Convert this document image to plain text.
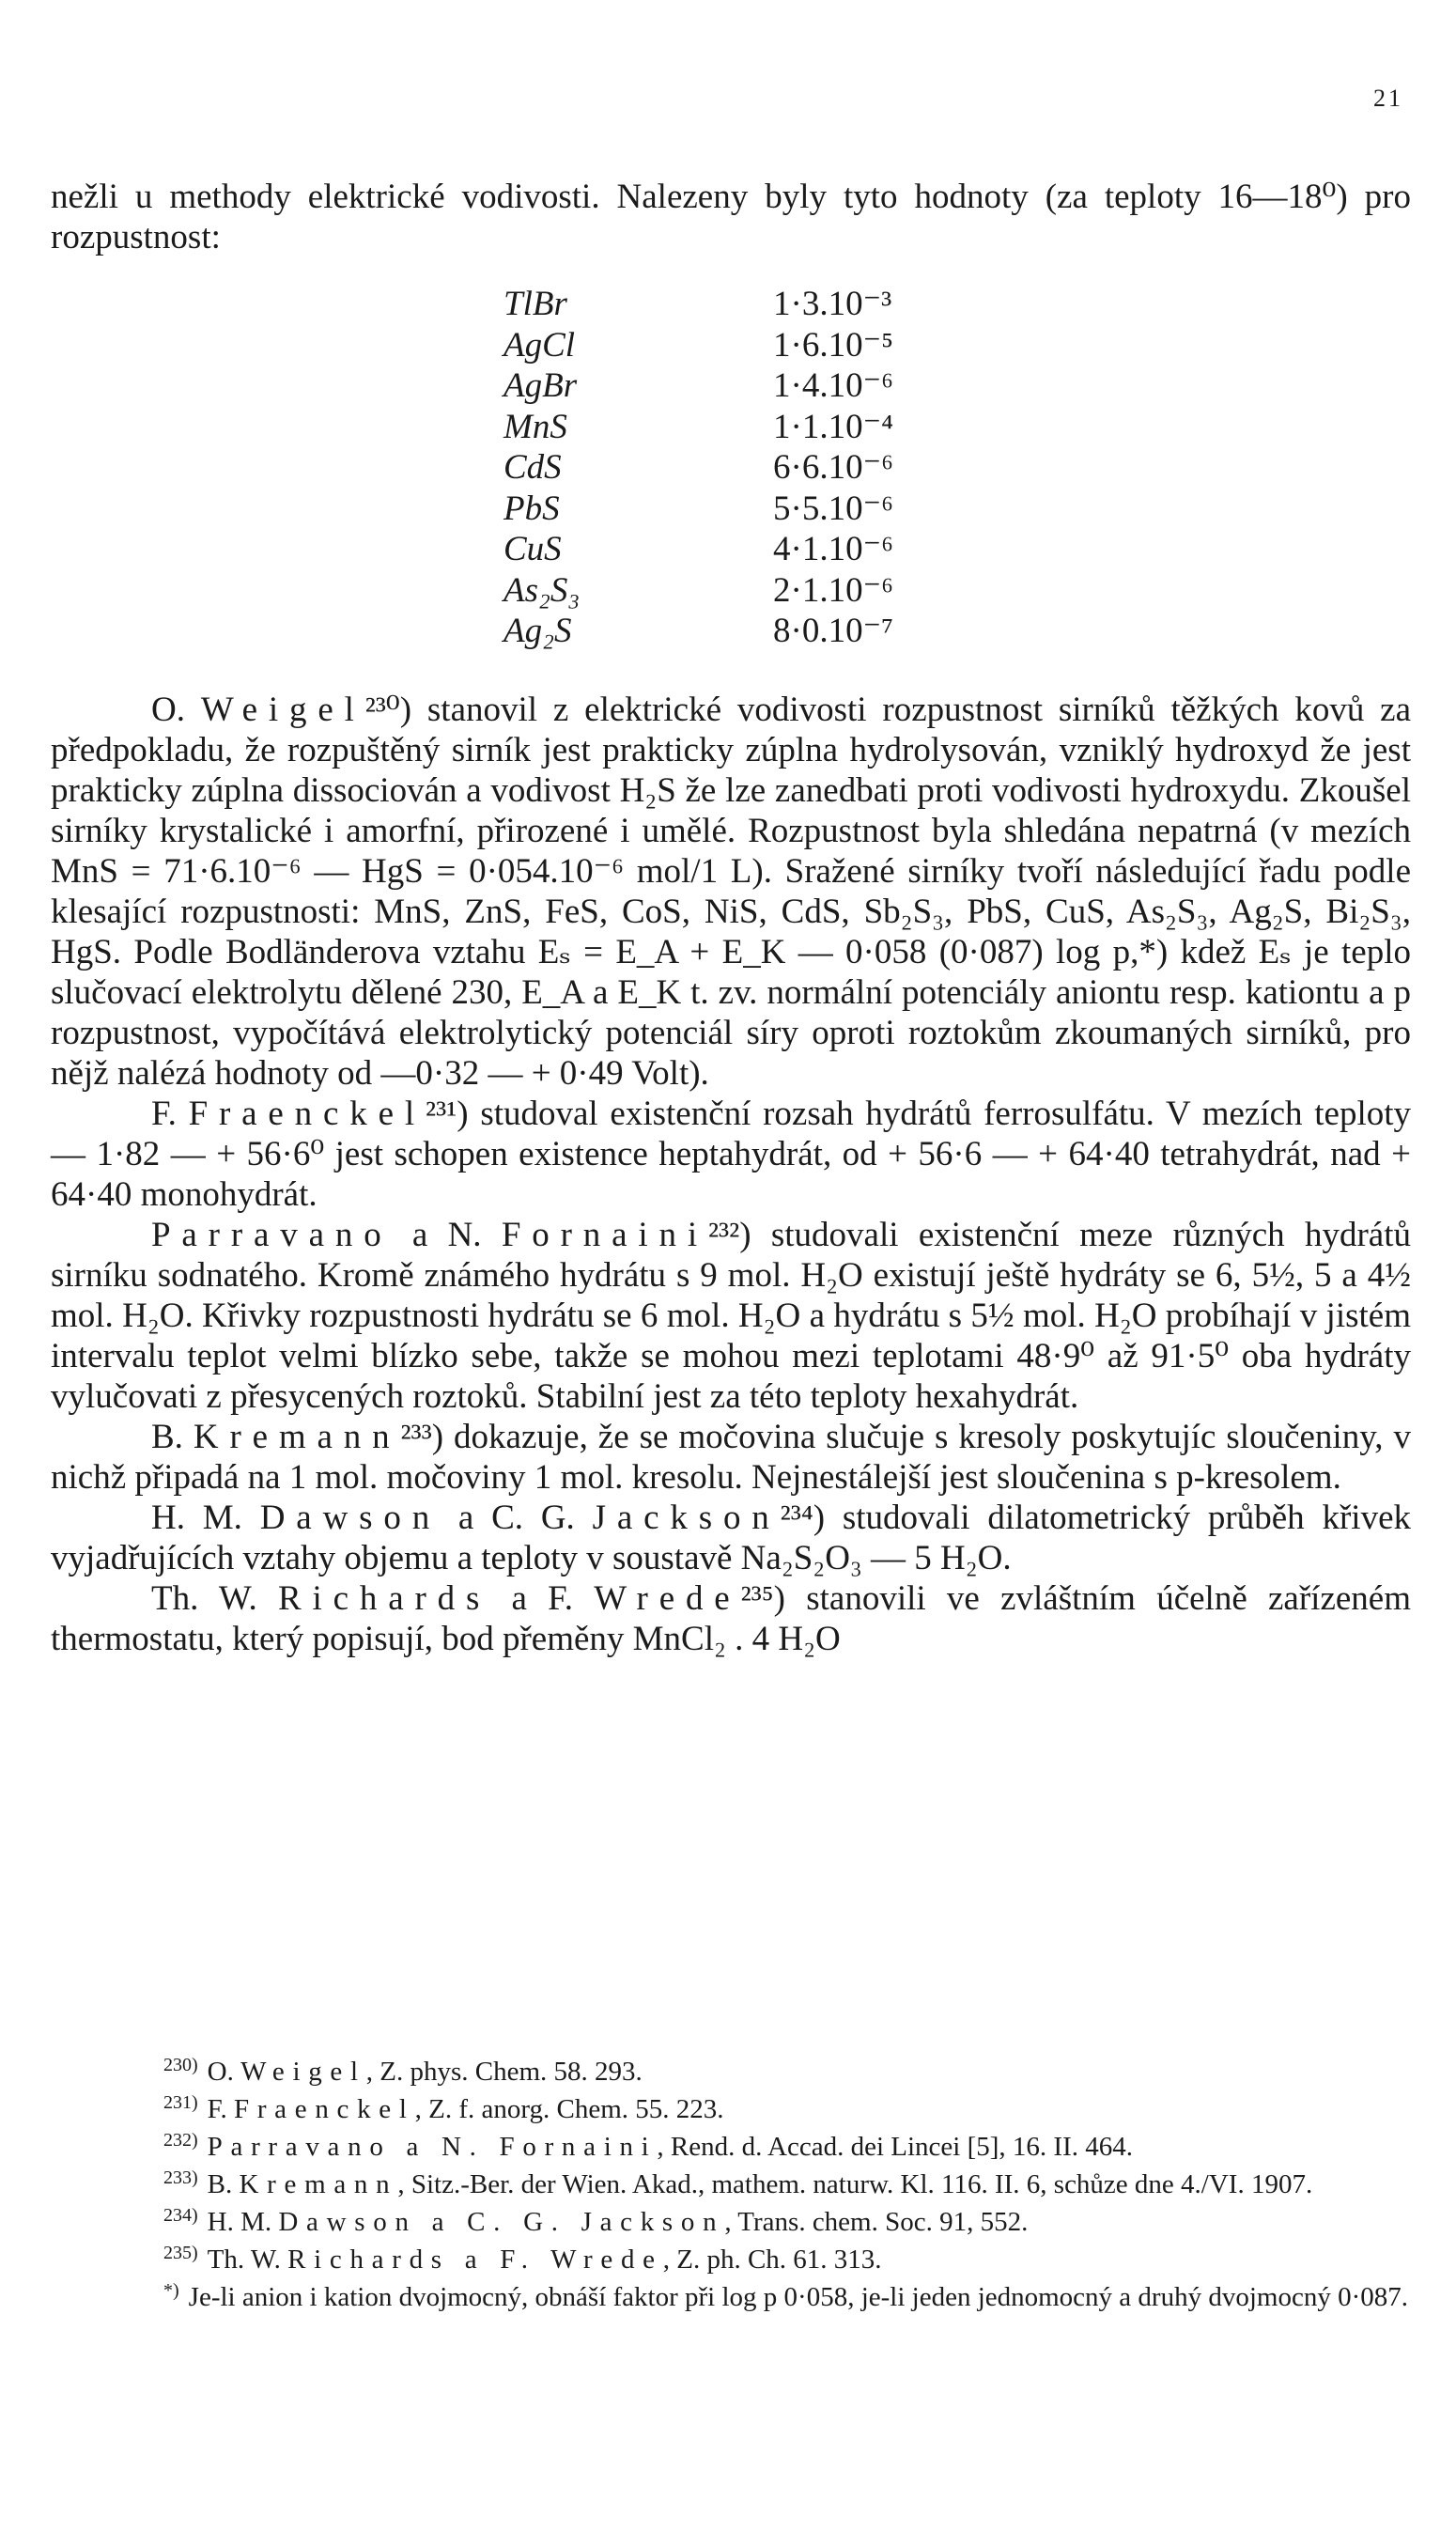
21

nežli u methody elektrické vodivosti. Nalezeny byly tyto hodnoty (za teploty 16—18⁰) pro rozpustnost:

TlBr	1·3.10⁻³
AgCl	1·6.10⁻⁵
AgBr	1·4.10⁻⁶
MnS	1·1.10⁻⁴
CdS	6·6.10⁻⁶
PbS	5·5.10⁻⁶
CuS	4·1.10⁻⁶
As₂S₃	2·1.10⁻⁶
Ag₂S	8·0.10⁻⁷

O. Weigel²³⁰) stanovil z elektrické vodivosti rozpustnost sirníků těžkých kovů za předpokladu, že rozpuštěný sirník jest prakticky zúplna hydrolysován, vzniklý hydroxyd že jest prakticky zúplna dissociován a vodivost H₂S že lze zanedbati proti vodivosti hydroxydu. Zkoušel sirníky krystalické i amorfní, přirozené i umělé. Rozpustnost byla shledána nepatrná (v mezích MnS = 71·6.10⁻⁶ — HgS = 0·054.10⁻⁶ mol/1 L). Sražené sirníky tvoří následující řadu podle klesající rozpustnosti: MnS, ZnS, FeS, CoS, NiS, CdS, Sb₂S₃, PbS, CuS, As₂S₃, Ag₂S, Bi₂S₃, HgS. Podle Bodländerova vztahu Eₛ = E_A + E_K — 0·058 (0·087) log p,*) kdež Eₛ je teplo slučovací elektrolytu dělené 230, E_A a E_K t. zv. normální potenciály aniontu resp. kationtu a p rozpustnost, vypočítává elektrolytický potenciál síry oproti roztokům zkoumaných sirníků, pro nějž nalézá hodnoty od —0·32 — + 0·49 Volt).

F. Fraenckel²³¹) studoval existenční rozsah hydrátů ferrosulfátu. V mezích teploty — 1·82 — + 56·6⁰ jest schopen existence heptahydrát, od + 56·6 — + 64·40 tetrahydrát, nad + 64·40 monohydrát.

Parravano a N. Fornaini²³²) studovali existenční meze různých hydrátů sirníku sodnatého. Kromě známého hydrátu s 9 mol. H₂O existují ještě hydráty se 6, 5½, 5 a 4½ mol. H₂O. Křivky rozpustnosti hydrátu se 6 mol. H₂O a hydrátu s 5½ mol. H₂O probíhají v jistém intervalu teplot velmi blízko sebe, takže se mohou mezi teplotami 48·9⁰ až 91·5⁰ oba hydráty vylučovati z přesycených roztoků. Stabilní jest za této teploty hexahydrát.

B. Kremann²³³) dokazuje, že se močovina slučuje s kresoly poskytujíc sloučeniny, v nichž připadá na 1 mol. močoviny 1 mol. kresolu. Nejnestálejší jest sloučenina s p-kresolem.

H. M. Dawson a C. G. Jackson²³⁴) studovali dilatometrický průběh křivek vyjadřujících vztahy objemu a teploty v soustavě Na₂S₂O₃ — 5 H₂O.

Th. W. Richards a F. Wrede²³⁵) stanovili ve zvláštním účelně zařízeném thermostatu, který popisují, bod přeměny MnCl₂ . 4 H₂O

$^{230)}$ O. Weigel, Z. phys. Chem. 58. 293.

$^{231)}$ F. Fraenckel, Z. f. anorg. Chem. 55. 223.

$^{232)}$ Parravano a N. Fornaini, Rend. d. Accad. dei Lincei [5], 16. II. 464.

$^{233)}$ B. Kremann, Sitz.-Ber. der Wien. Akad., mathem. naturw. Kl. 116. II. 6, schůze dne 4./VI. 1907.

$^{234)}$ H. M. Dawson a C. G. Jackson, Trans. chem. Soc. 91, 552.

$^{235)}$ Th. W. Richards a F. Wrede, Z. ph. Ch. 61. 313.

*) Je-li anion i kation dvojmocný, obnáší faktor při log p 0·058, je-li jeden jednomocný a druhý dvojmocný 0·087.
